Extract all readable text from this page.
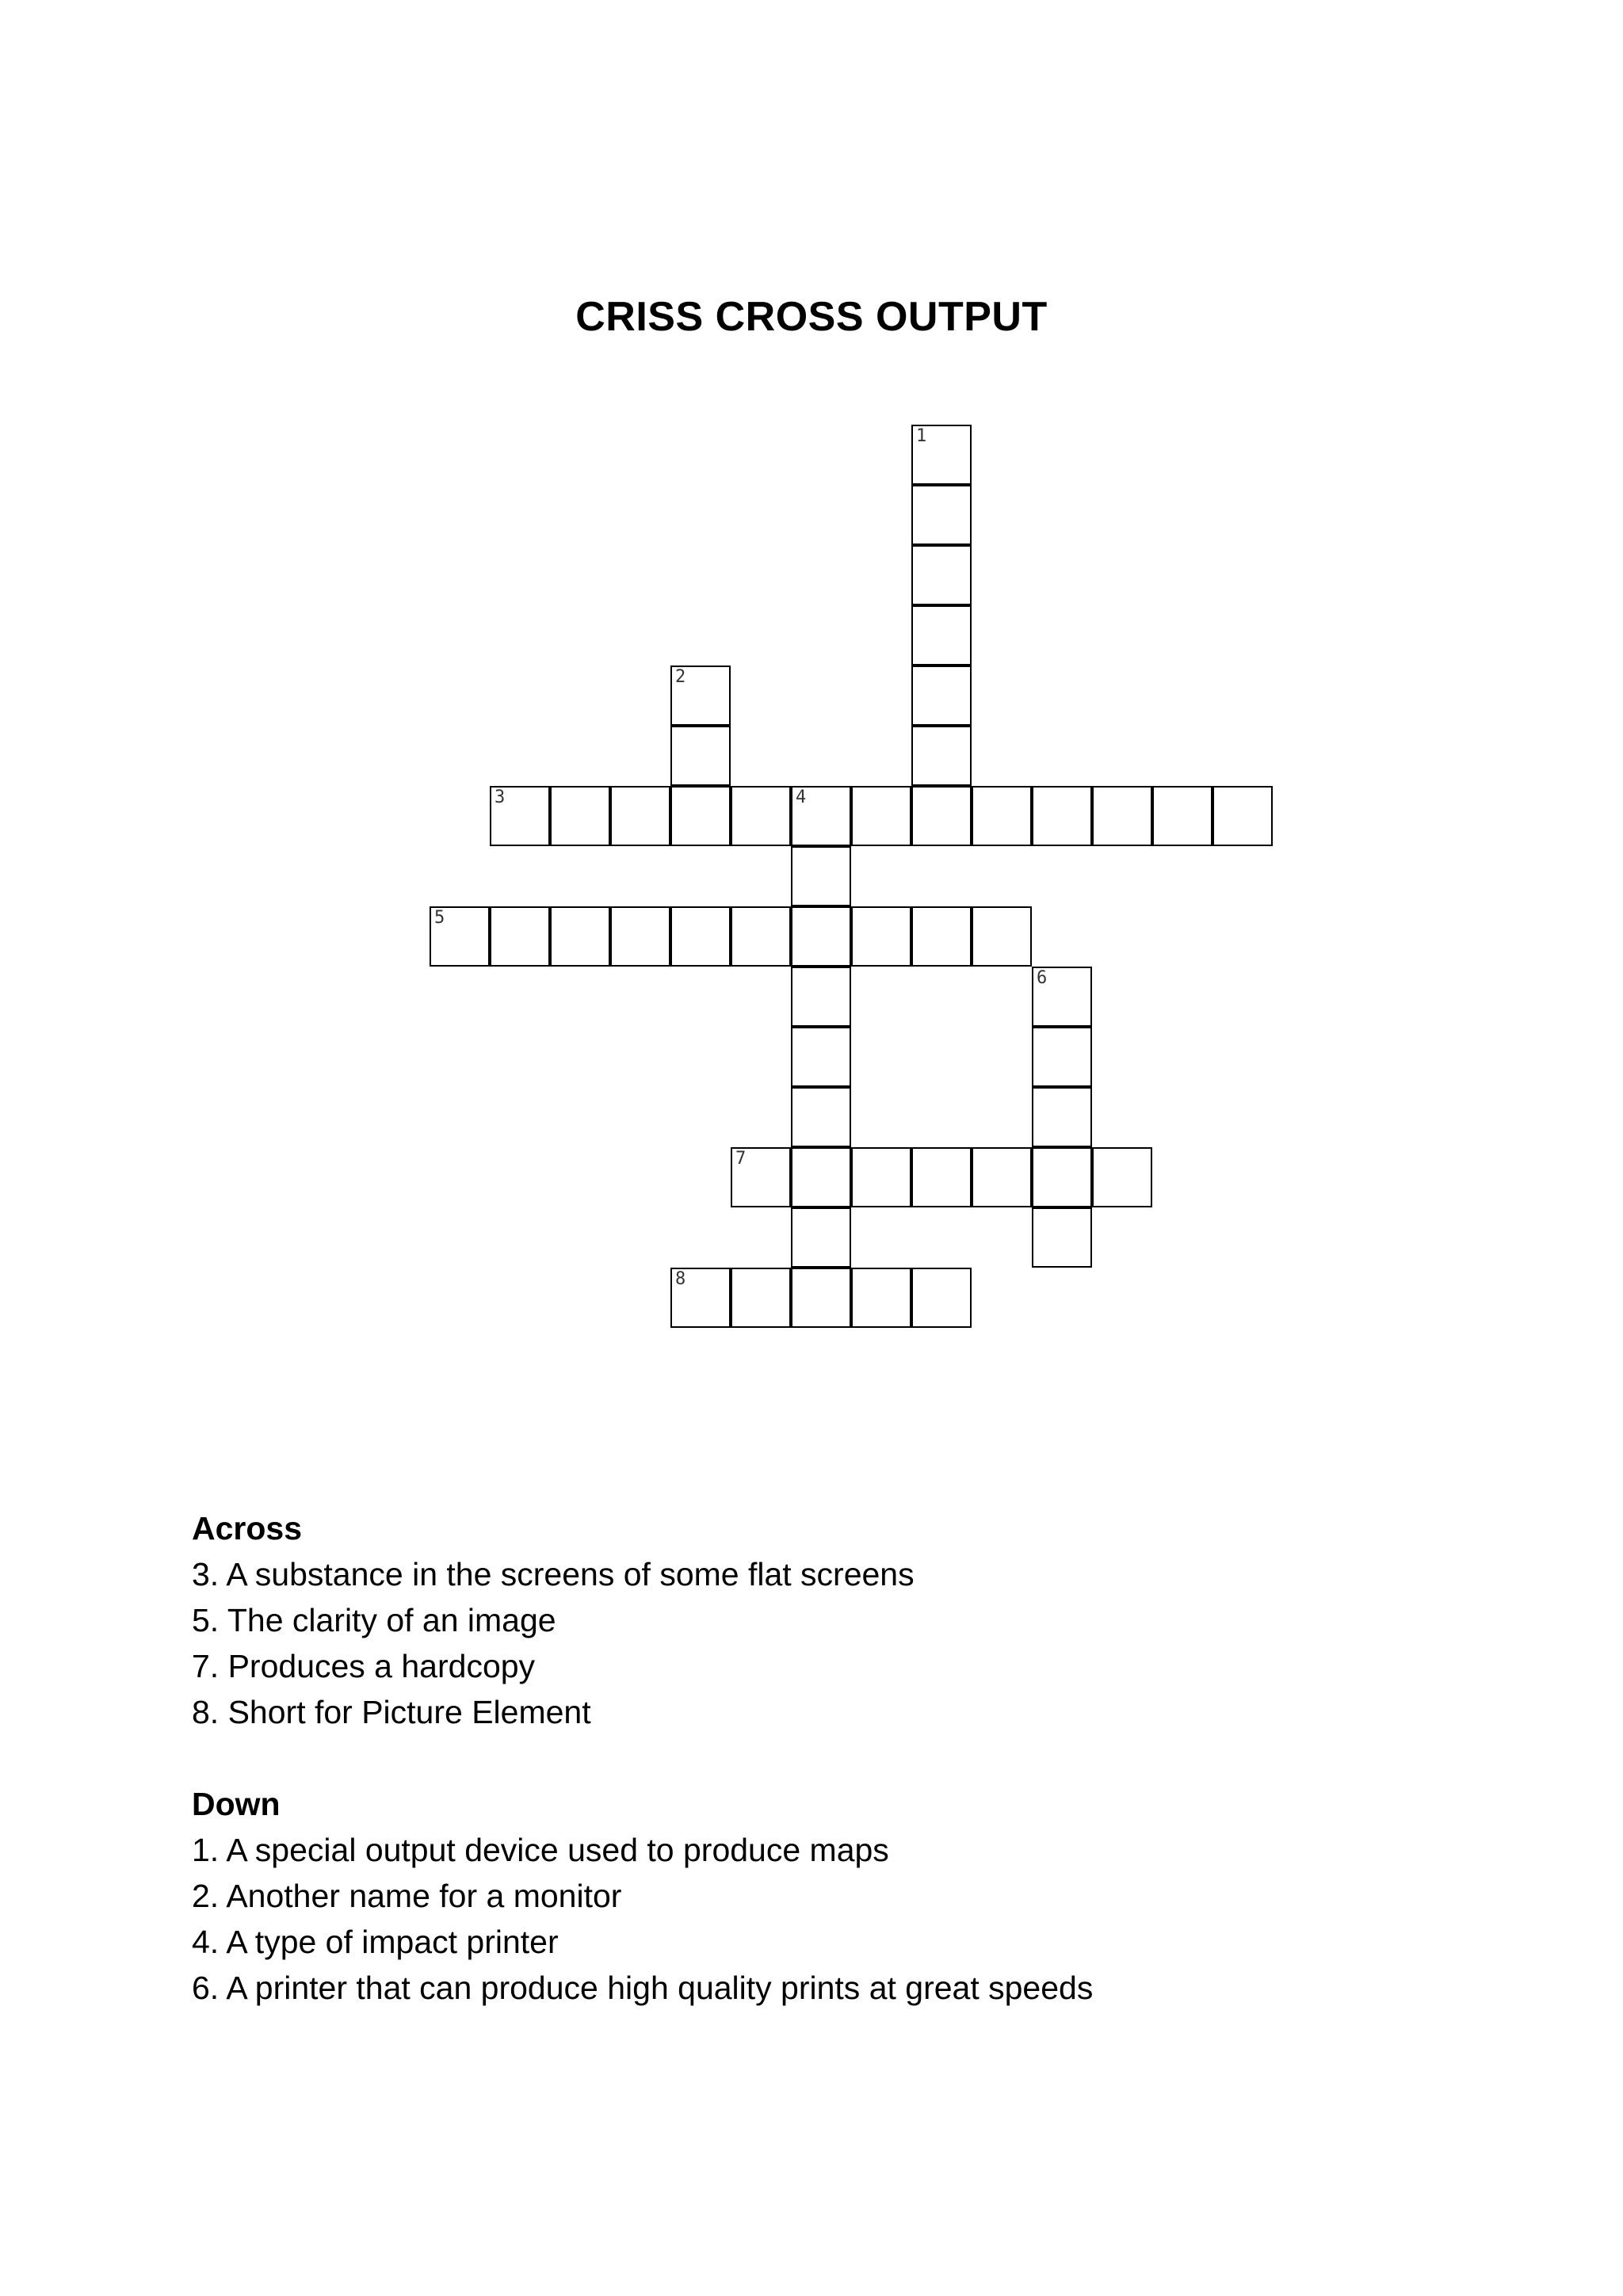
CRISS CROSS OUTPUT
1
2
3	4
5
6
7
8
Across
3. A substance in the screens of some flat screens
5. The clarity of an image
7. Produces a hardcopy
8. Short for Picture Element
Down
1. A special output device used to produce maps
2. Another name for a monitor
4. A type of impact printer
6. A printer that can produce high quality prints at great speeds
